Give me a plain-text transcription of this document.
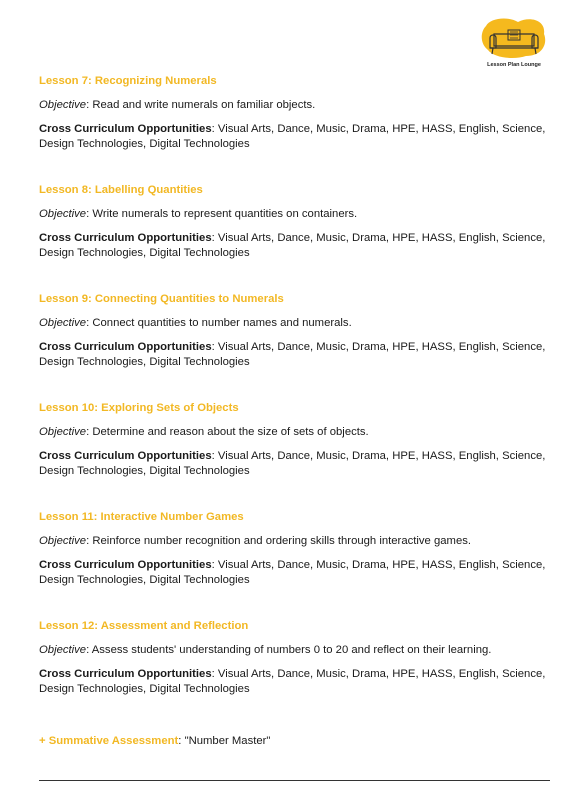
Lesson Plan Lounge
Lesson 7: Recognizing Numerals
Objective: Read and write numerals on familiar objects.
Cross Curriculum Opportunities: Visual Arts, Dance, Music, Drama, HPE, HASS, English, Science, Design Technologies, Digital Technologies
Lesson 8: Labelling Quantities
Objective: Write numerals to represent quantities on containers.
Cross Curriculum Opportunities: Visual Arts, Dance, Music, Drama, HPE, HASS, English, Science, Design Technologies, Digital Technologies
Lesson 9: Connecting Quantities to Numerals
Objective: Connect quantities to number names and numerals.
Cross Curriculum Opportunities: Visual Arts, Dance, Music, Drama, HPE, HASS, English, Science, Design Technologies, Digital Technologies
Lesson 10: Exploring Sets of Objects
Objective: Determine and reason about the size of sets of objects.
Cross Curriculum Opportunities: Visual Arts, Dance, Music, Drama, HPE, HASS, English, Science, Design Technologies, Digital Technologies
Lesson 11: Interactive Number Games
Objective: Reinforce number recognition and ordering skills through interactive games.
Cross Curriculum Opportunities: Visual Arts, Dance, Music, Drama, HPE, HASS, English, Science, Design Technologies, Digital Technologies
Lesson 12: Assessment and Reflection
Objective: Assess students' understanding of numbers 0 to 20 and reflect on their learning.
Cross Curriculum Opportunities: Visual Arts, Dance, Music, Drama, HPE, HASS, English, Science, Design Technologies, Digital Technologies
+ Summative Assessment: "Number Master"
